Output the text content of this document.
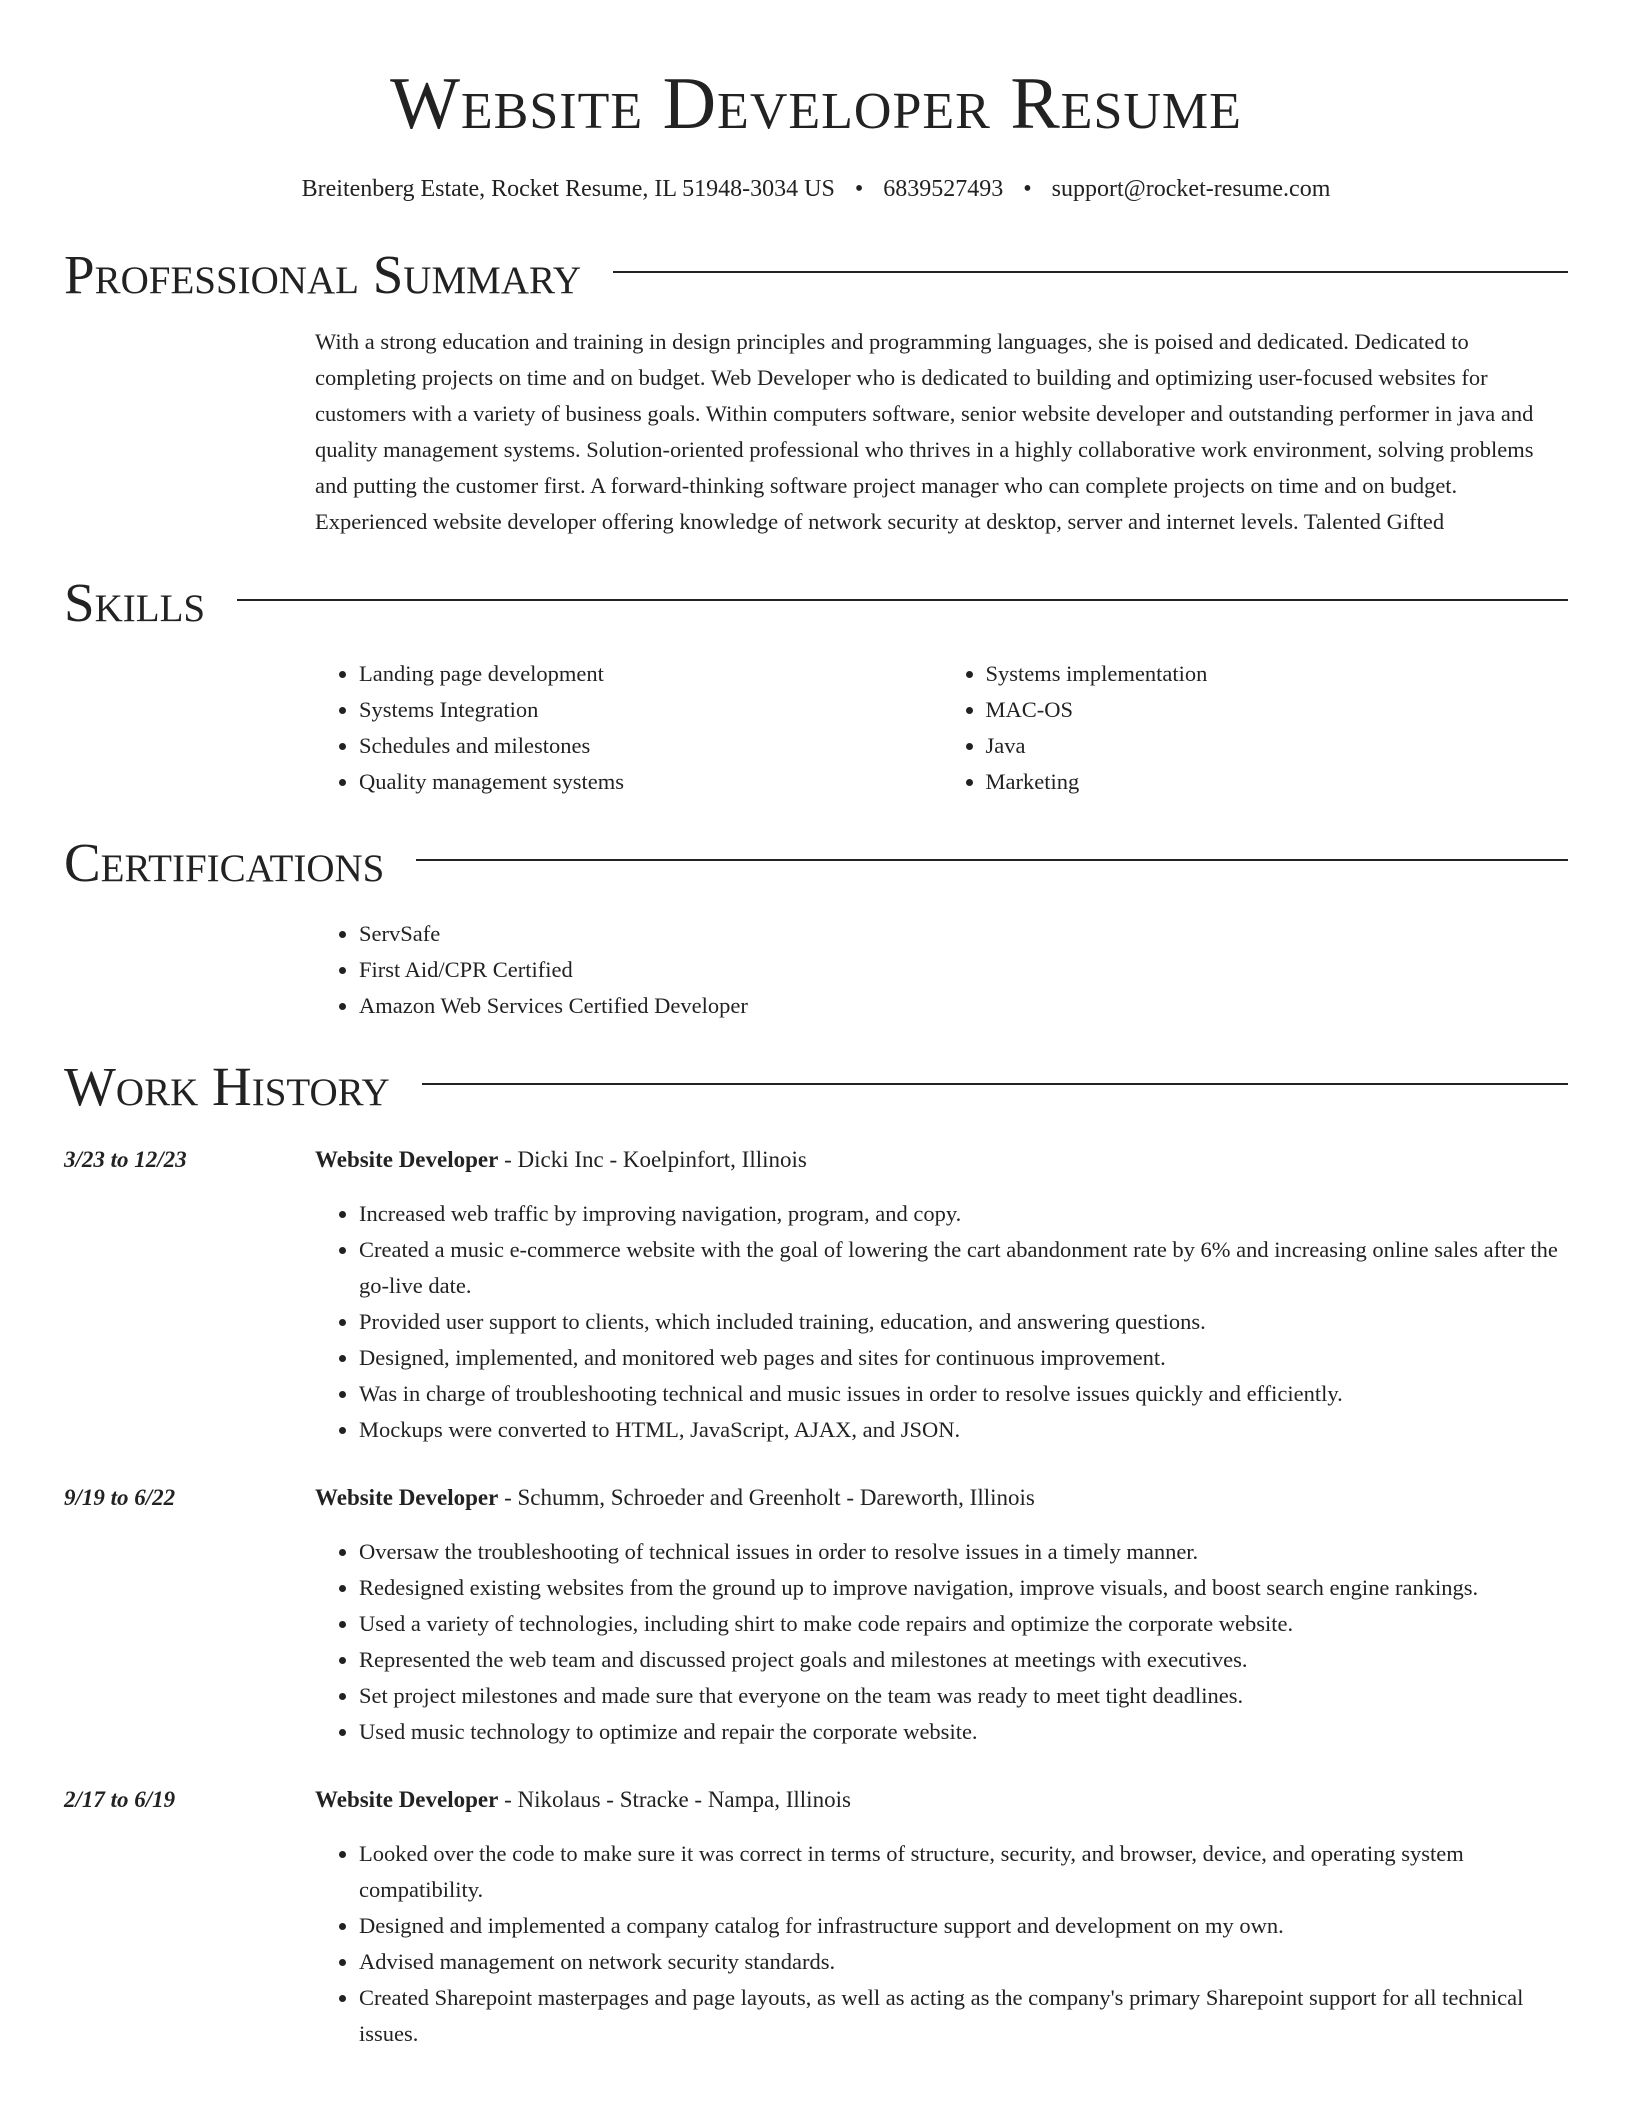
Website Developer Resume
Breitenberg Estate, Rocket Resume, IL 51948-3034 US • 6839527493 • support@rocket-resume.com
Professional Summary
With a strong education and training in design principles and programming languages, she is poised and dedicated. Dedicated to completing projects on time and on budget. Web Developer who is dedicated to building and optimizing user-focused websites for customers with a variety of business goals. Within computers software, senior website developer and outstanding performer in java and quality management systems. Solution-oriented professional who thrives in a highly collaborative work environment, solving problems and putting the customer first. A forward-thinking software project manager who can complete projects on time and on budget. Experienced website developer offering knowledge of network security at desktop, server and internet levels. Talented Gifted
Skills
• Landing page development
• Systems Integration
• Schedules and milestones
• Quality management systems
• Systems implementation
• MAC-OS
• Java
• Marketing
Certifications
• ServSafe
• First Aid/CPR Certified
• Amazon Web Services Certified Developer
Work History
3/23 to 12/23	Website Developer - Dicki Inc - Koelpinfort, Illinois
• Increased web traffic by improving navigation, program, and copy.
• Created a music e-commerce website with the goal of lowering the cart abandonment rate by 6% and increasing online sales after the go-live date.
• Provided user support to clients, which included training, education, and answering questions.
• Designed, implemented, and monitored web pages and sites for continuous improvement.
• Was in charge of troubleshooting technical and music issues in order to resolve issues quickly and efficiently.
• Mockups were converted to HTML, JavaScript, AJAX, and JSON.
9/19 to 6/22	Website Developer - Schumm, Schroeder and Greenholt - Dareworth, Illinois
• Oversaw the troubleshooting of technical issues in order to resolve issues in a timely manner.
• Redesigned existing websites from the ground up to improve navigation, improve visuals, and boost search engine rankings.
• Used a variety of technologies, including shirt to make code repairs and optimize the corporate website.
• Represented the web team and discussed project goals and milestones at meetings with executives.
• Set project milestones and made sure that everyone on the team was ready to meet tight deadlines.
• Used music technology to optimize and repair the corporate website.
2/17 to 6/19	Website Developer - Nikolaus - Stracke - Nampa, Illinois
• Looked over the code to make sure it was correct in terms of structure, security, and browser, device, and operating system compatibility.
• Designed and implemented a company catalog for infrastructure support and development on my own.
• Advised management on network security standards.
• Created Sharepoint masterpages and page layouts, as well as acting as the company's primary Sharepoint support for all technical issues.
